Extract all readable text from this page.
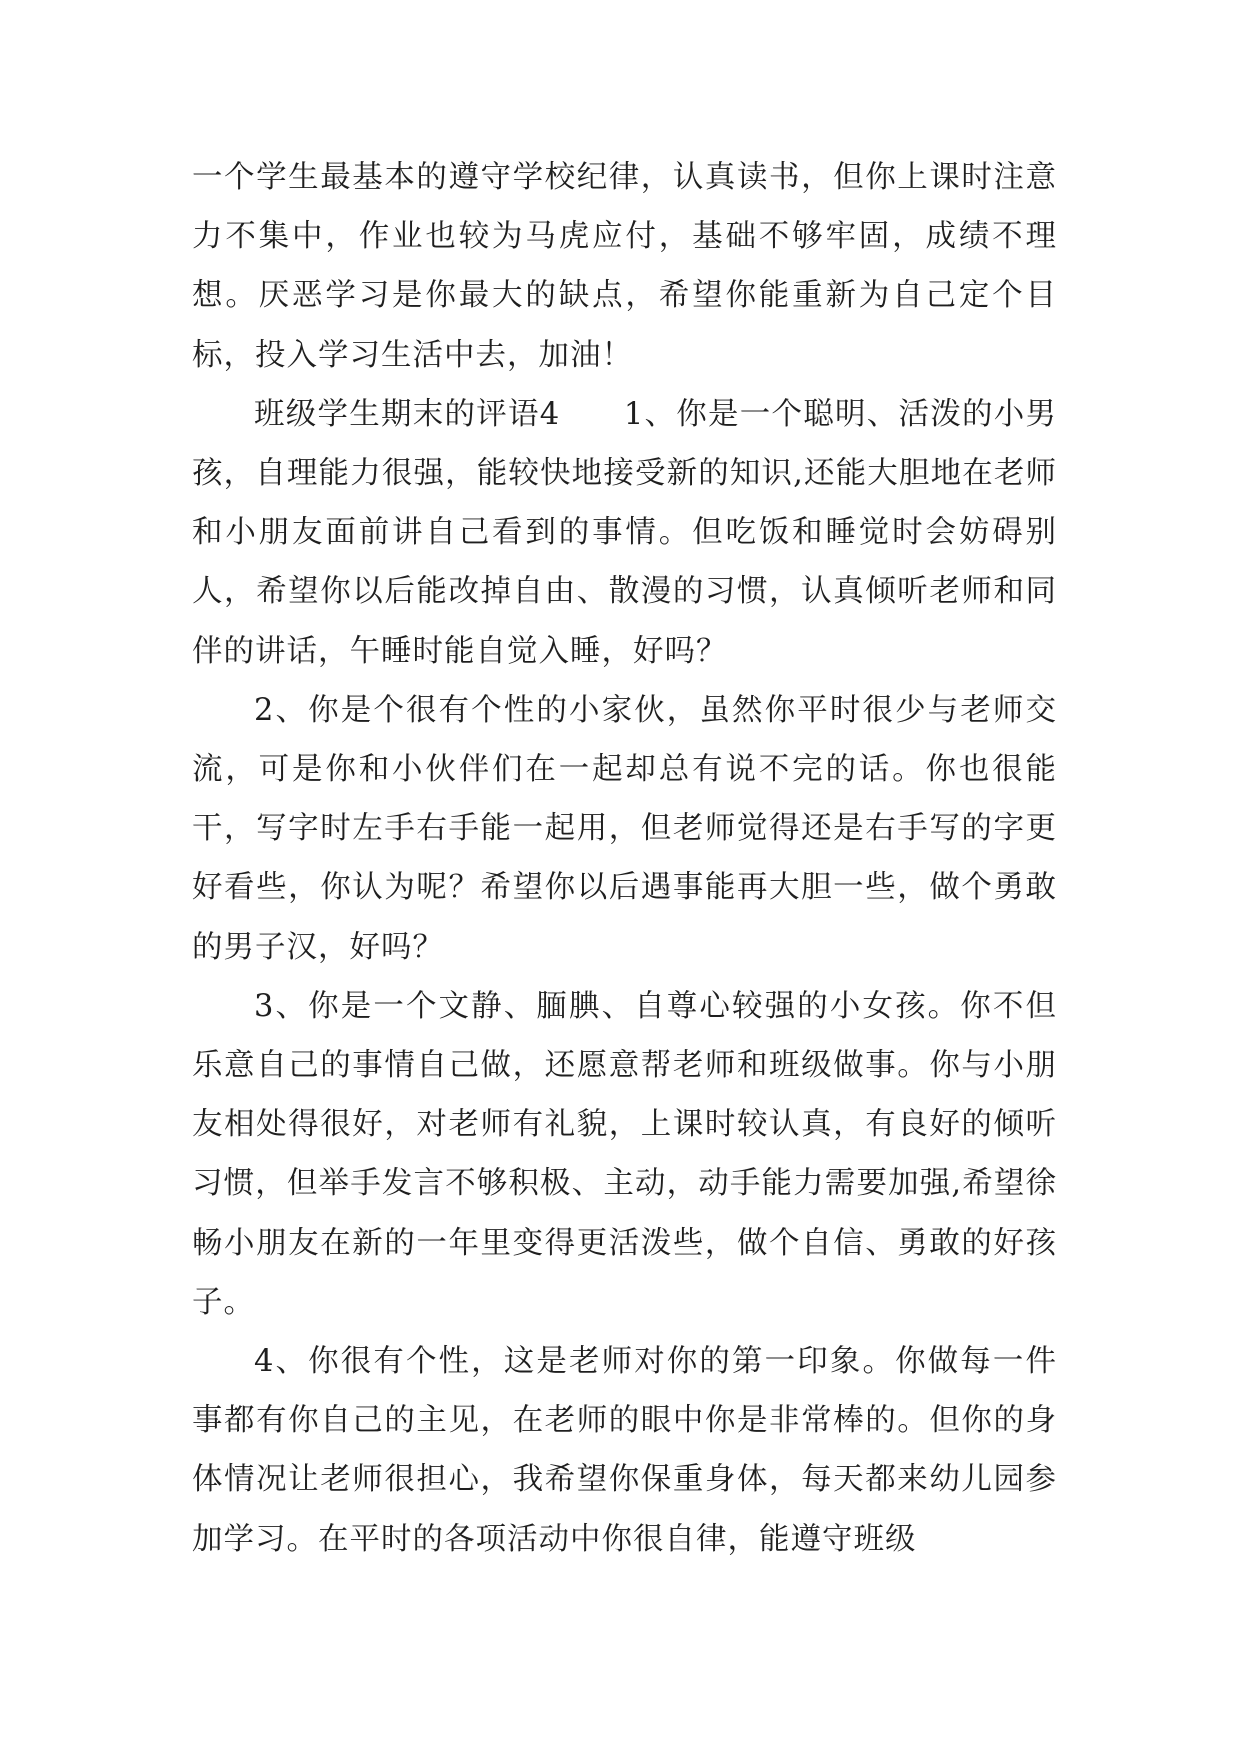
一个学生最基本的遵守学校纪律，认真读书，但你上课时注意力不集中，作业也较为马虎应付，基础不够牢固，成绩不理想。厌恶学习是你最大的缺点，希望你能重新为自己定个目标，投入学习生活中去，加油！

班级学生期末的评语4　　1、你是一个聪明、活泼的小男孩，自理能力很强，能较快地接受新的知识,还能大胆地在老师和小朋友面前讲自己看到的事情。但吃饭和睡觉时会妨碍别人，希望你以后能改掉自由、散漫的习惯，认真倾听老师和同伴的讲话，午睡时能自觉入睡，好吗？

2、你是个很有个性的小家伙，虽然你平时很少与老师交流，可是你和小伙伴们在一起却总有说不完的话。你也很能干，写字时左手右手能一起用，但老师觉得还是右手写的字更好看些，你认为呢？希望你以后遇事能再大胆一些，做个勇敢的男子汉，好吗？

3、你是一个文静、腼腆、自尊心较强的小女孩。你不但乐意自己的事情自己做，还愿意帮老师和班级做事。你与小朋友相处得很好，对老师有礼貌，上课时较认真，有良好的倾听习惯，但举手发言不够积极、主动，动手能力需要加强,希望徐畅小朋友在新的一年里变得更活泼些，做个自信、勇敢的好孩子。

4、你很有个性，这是老师对你的第一印象。你做每一件事都有你自己的主见，在老师的眼中你是非常棒的。但你的身体情况让老师很担心，我希望你保重身体，每天都来幼儿园参加学习。在平时的各项活动中你很自律，能遵守班级
